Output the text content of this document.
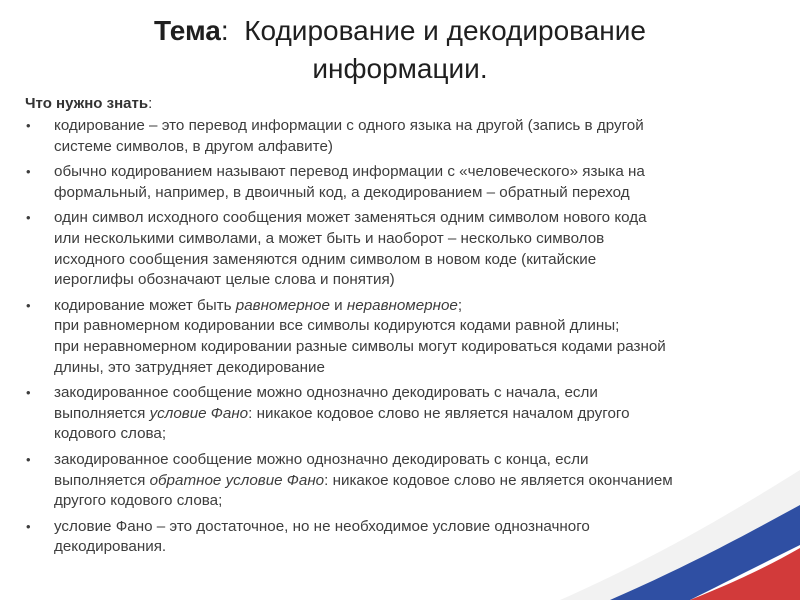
Тема: Кодирование и декодирование
информации.
Что нужно знать:
• кодирование – это перевод информации с одного языка на другой (запись в другой
системе символов, в другом алфавите)
• обычно кодированием называют перевод информации с «человеческого» языка на
формальный, например, в двоичный код, а декодированием – обратный переход
• один символ исходного сообщения может заменяться одним символом нового кода
или несколькими символами, а может быть и наоборот – несколько символов
исходного сообщения заменяются одним символом в новом коде (китайские
иероглифы обозначают целые слова и понятия)
• кодирование может быть равномерное и неравномерное;
при равномерном кодировании все символы кодируются кодами равной длины;
при неравномерном кодировании разные символы могут кодироваться кодами разной
длины, это затрудняет декодирование
• закодированное сообщение можно однозначно декодировать с начала, если
выполняется условие Фано: никакое кодовое слово не является началом другого
кодового слова;
• закодированное сообщение можно однозначно декодировать с конца, если
выполняется обратное условие Фано: никакое кодовое слово не является окончанием
другого кодового слова;
• условие Фано – это достаточное, но не необходимое условие однозначного
декодирования.
